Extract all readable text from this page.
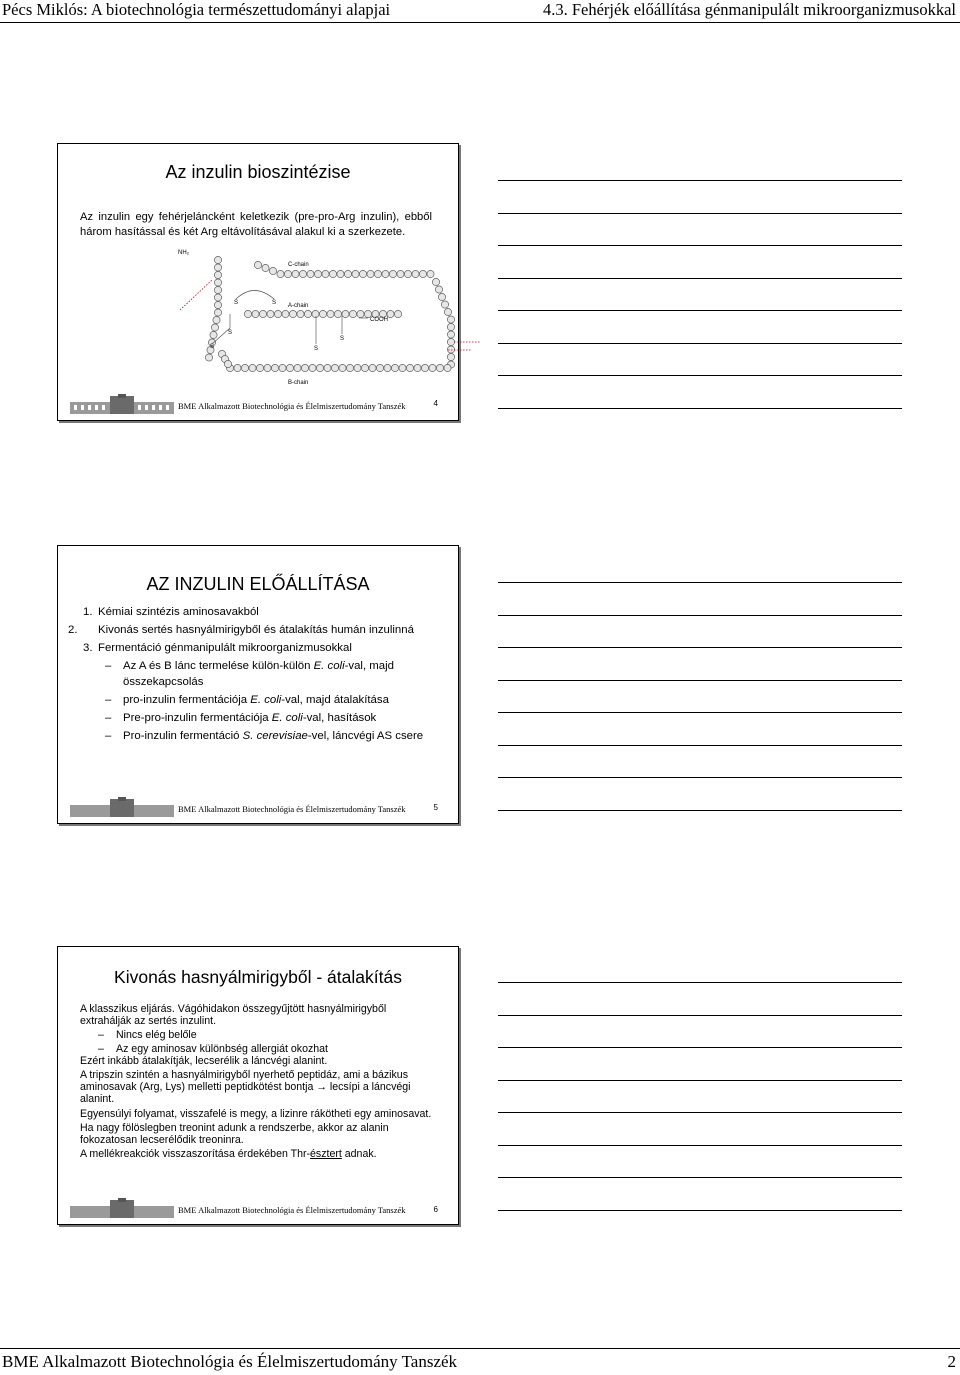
Pécs Miklós: A biotechnológia természettudományi alapjai	4.3. Fehérjék előállítása génmanipulált mikroorganizmusokkal
Az inzulin bioszintézise
Az inzulin egy fehérjeláncként keletkezik (pre-pro-Arg inzulin), ebből három hasítással és két Arg eltávolításával alakul ki a szerkezete.
NH₂
C-chain
A-chain
B-chain
COOH
S	S
S
S	S
S
BME Alkalmazott Biotechnológia és Élelmiszertudomány Tanszék	4
AZ INZULIN ELŐÁLLÍTÁSA
1. Kémiai szintézis aminosavakból
2. Kivonás sertés hasnyálmirigyből és átalakítás humán inzulinná
3. Fermentáció génmanipulált mikroorganizmusokkal
– Az A és B lánc termelése külön-külön E. coli-val, majd összekapcsolás
– pro-inzulin fermentációja E. coli-val, majd átalakítása
– Pre-pro-inzulin fermentációja E. coli-val, hasítások
– Pro-inzulin fermentáció S. cerevisiae-vel, láncvégi AS csere
BME Alkalmazott Biotechnológia és Élelmiszertudomány Tanszék	5
Kivonás hasnyálmirigyből - átalakítás
A klasszikus eljárás. Vágóhidakon összegyűjtött hasnyálmirigyből extrahálják az sertés inzulint.
– Nincs elég belőle
– Az egy aminosav különbség allergiát okozhat
Ezért inkább átalakítják, lecserélik a láncvégi alanint.
A tripszin szintén a hasnyálmirigyből nyerhető peptidáz, ami a bázikus aminosavak (Arg, Lys) melletti peptidkötést bontja → lecsípi a láncvégi alanint.
Egyensúlyi folyamat, visszafelé is megy, a lizinre rákötheti egy aminosavat.
Ha nagy fölöslegben treonint adunk a rendszerbe, akkor az alanin fokozatosan lecserélődik treoninra.
A mellékreakciók visszaszorítása érdekében Thr-észtert adnak.
BME Alkalmazott Biotechnológia és Élelmiszertudomány Tanszék	6
BME Alkalmazott Biotechnológia és Élelmiszertudomány Tanszék	2
